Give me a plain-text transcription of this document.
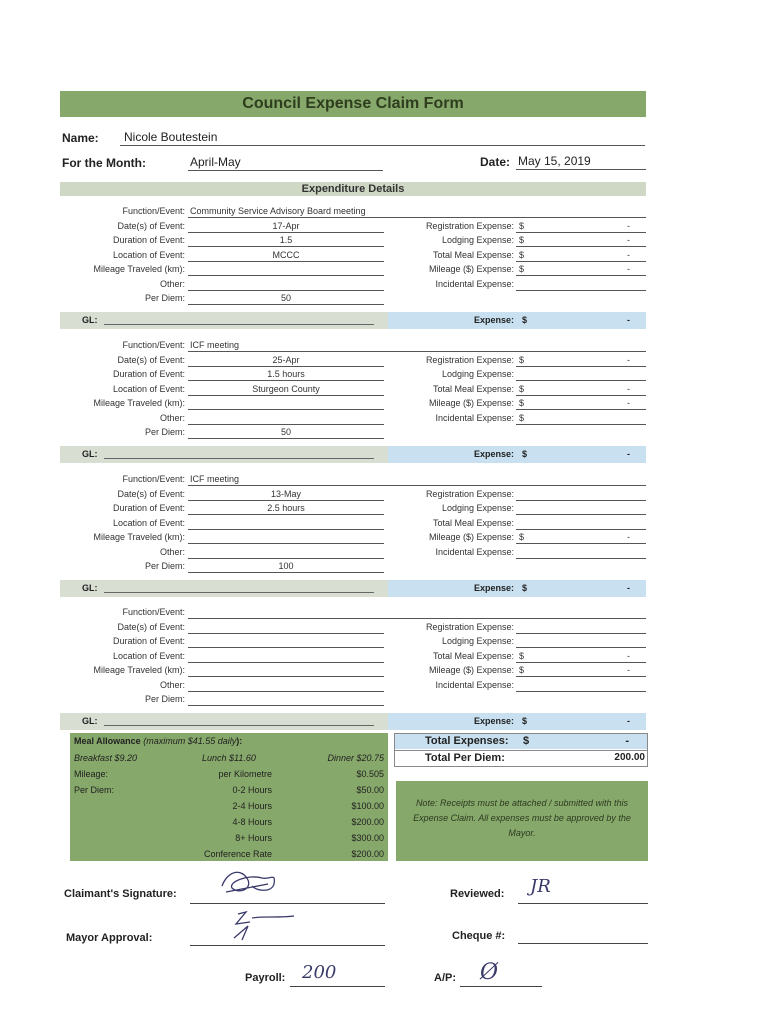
Council Expense Claim Form
Name:	Nicole Boutestein
For the Month:	April-May	Date: May 15, 2019
Expenditure Details
Function/Event: Community Service Advisory Board meeting
Date(s) of Event:	17-Apr
Duration of Event:	1.5
Location of Event:	MCCC
Mileage Traveled (km):
Other:
Per Diem:	50
Registration Expense: $	-
Lodging Expense: $	-
Total Meal Expense: $	-
Mileage ($) Expense: $	-
Incidental Expense:
GL:	Expense: $	-
Function/Event: ICF meeting
Date(s) of Event:	25-Apr
Duration of Event:	1.5 hours
Location of Event:	Sturgeon County
Mileage Traveled (km):
Other:
Per Diem:	50
Registration Expense: $	-
Lodging Expense:
Total Meal Expense: $	-
Mileage ($) Expense: $	-
Incidental Expense: $
GL:	Expense: $	-
Function/Event: ICF meeting
Date(s) of Event:	13-May
Duration of Event:	2.5 hours
Location of Event:
Mileage Traveled (km):
Other:
Per Diem:	100
Registration Expense:
Lodging Expense:
Total Meal Expense:
Mileage ($) Expense: $	-
Incidental Expense:
GL:	Expense: $	-
Function/Event:
Date(s) of Event:
Duration of Event:
Location of Event:
Mileage Traveled (km):
Other:
Per Diem:
Registration Expense:
Lodging Expense:
Total Meal Expense: $	-
Mileage ($) Expense: $	-
Incidental Expense:
GL:	Expense: $	-
Meal Allowance (maximum $41.55 daily):
Breakfast $9.20	Lunch $11.60	Dinner $20.75
Mileage:	per Kilometre	$0.505
Per Diem:	0-2 Hours	$50.00
2-4 Hours	$100.00
4-8 Hours	$200.00
8+ Hours	$300.00
Conference Rate	$200.00
Total Expenses: $	-
Total Per Diem:	200.00
Note: Receipts must be attached / submitted with this Expense Claim. All expenses must be approved by the Mayor.
Claimant's Signature:	Reviewed: JR
Mayor Approval:	Cheque #:
Payroll: 200	A/P: Ø
